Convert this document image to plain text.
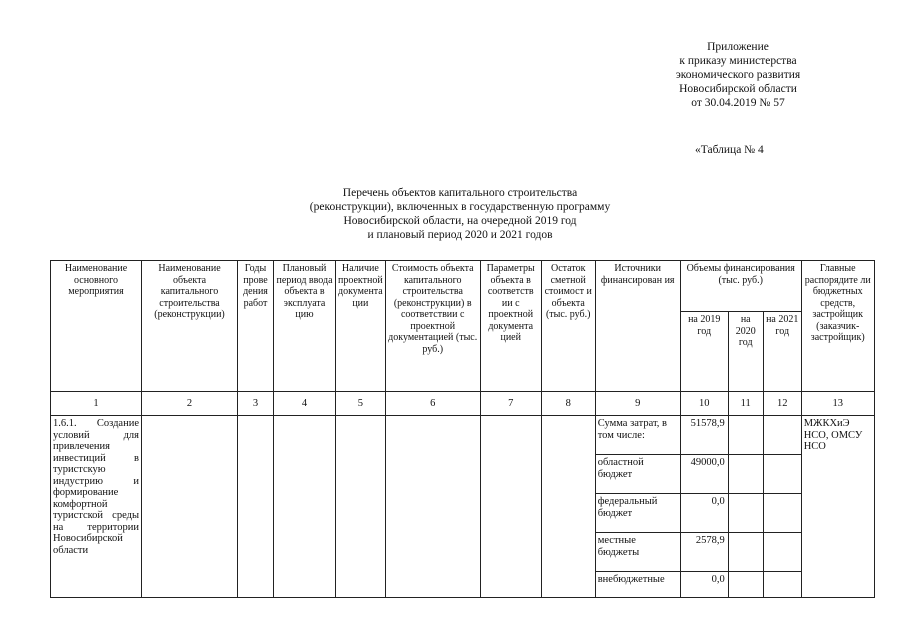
Приложение
к приказу министерства
экономического развития
Новосибирской области
от 30.04.2019 № 57
«Таблица № 4
Перечень объектов капитального строительства
(реконструкции), включенных в государственную программу
Новосибирской области, на очередной 2019 год
и плановый период 2020 и 2021 годов
Наименование основного мероприятия	Наименование объекта капитального строительства (реконструкции)	Годы прове дения работ	Плановый период ввода объекта в эксплуата цию	Наличие проектной документа ции	Стоимость объекта капитального строительства (реконструкции) в соответствии с проектной документацией (тыс. руб.)	Параметры объекта в соответств ии с проектной документа цией	Остаток сметной стоимост и объекта (тыс. руб.)	Источники финансирован ия	Объемы финансирования (тыс. руб.)			Главные распорядите ли бюджетных средств, застройщик (заказчик-застройщик)
									на 2019 год	на 2020 год	на 2021 год	
1	2	3	4	5	6	7	8	9	10	11	12	13
1.6.1. Создание условий для привлечения инвестиций в туристскую индустрию и формирование комфортной туристской среды на территории Новосибирской области								Сумма затрат, в том числе:	51578,9			МЖКХиЭ НСО, ОМСУ НСО
								областной бюджет	49000,0			
								федеральный бюджет	0,0			
								местные бюджеты	2578,9			
								внебюджетные	0,0			
